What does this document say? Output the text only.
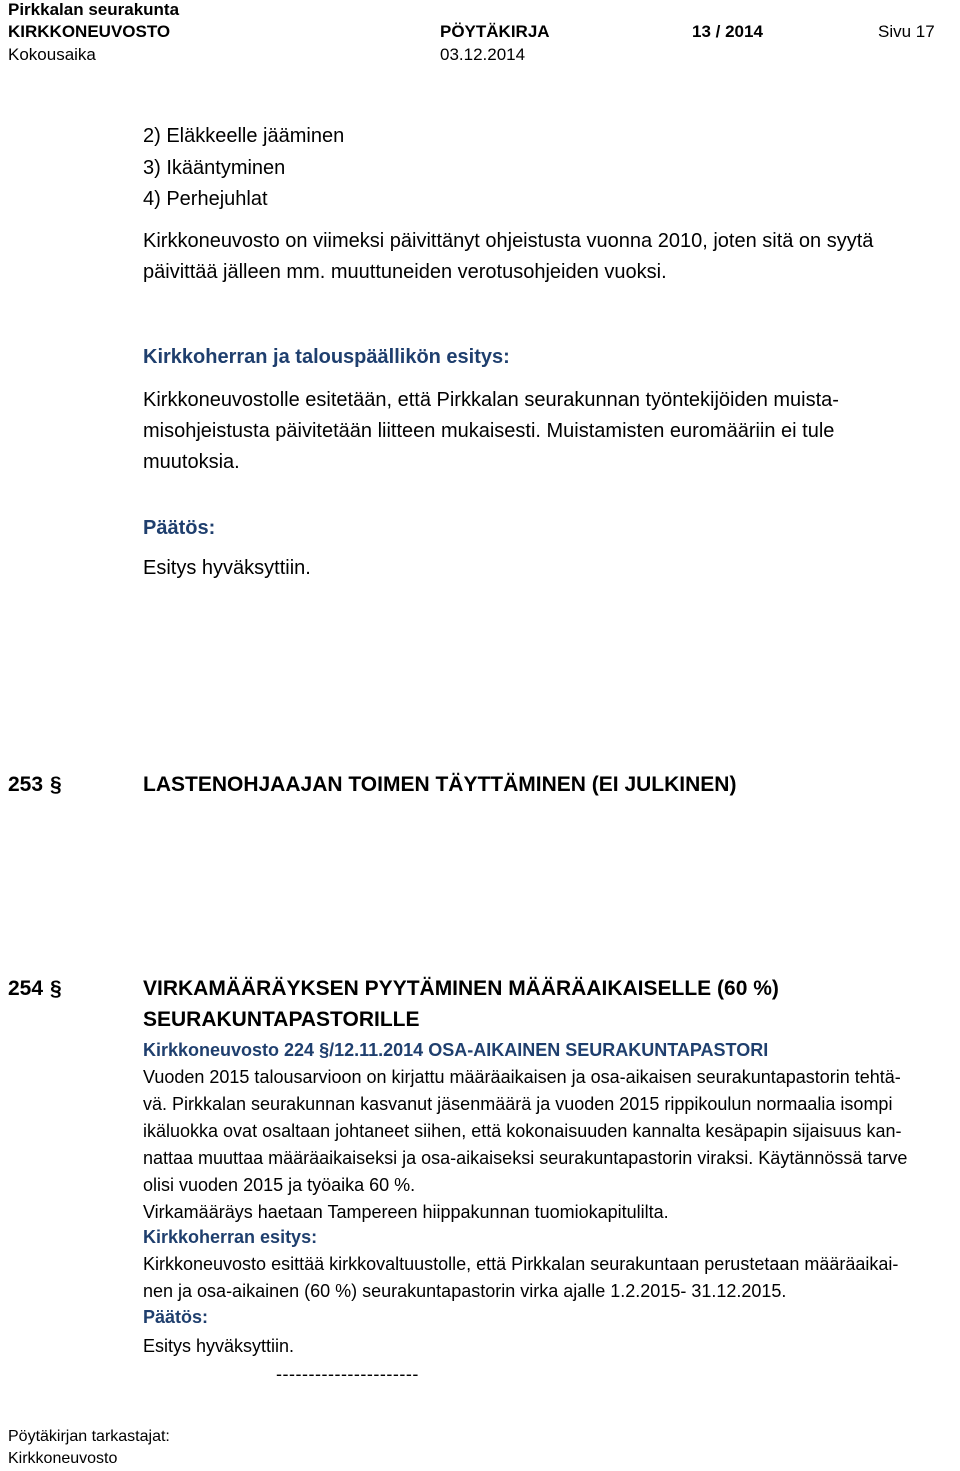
Pirkkalan seurakunta
KIRKKONEUVOSTO	PÖYTÄKIRJA	13 / 2014	Sivu 17
Kokousaika	03.12.2014
2) Eläkkeelle jääminen
3) Ikääntyminen
4) Perhejuhlat
Kirkkoneuvosto on viimeksi päivittänyt ohjeistusta vuonna 2010, joten sitä on syytä
päivittää jälleen mm. muuttuneiden verotusohjeiden vuoksi.
Kirkkoherran ja talouspäällikön esitys:
Kirkkoneuvostolle esitetään, että Pirkkalan seurakunnan työntekijöiden muista-
misohjeistusta päivitetään liitteen mukaisesti. Muistamisten euromääriin ei tule
muutoksia.
Päätös:
Esitys hyväksyttiin.
253 §	LASTENOHJAAJAN TOIMEN TÄYTTÄMINEN (EI JULKINEN)
254 §	VIRKAMÄÄRÄYKSEN PYYTÄMINEN MÄÄRÄAIKAISELLE (60 %)
SEURAKUNTAPASTORILLE
Kirkkoneuvosto 224 §/12.11.2014 OSA-AIKAINEN SEURAKUNTAPASTORI
Vuoden 2015 talousarvioon on kirjattu määräaikaisen ja osa-aikaisen seurakuntapastorin tehtä-
vä. Pirkkalan seurakunnan kasvanut jäsenmäärä ja vuoden 2015 rippikoulun normaalia isompi
ikäluokka ovat osaltaan johtaneet siihen, että kokonaisuuden kannalta kesäpapin sijaisuus kan-
nattaa muuttaa määräaikaiseksi ja osa-aikaiseksi seurakuntapastorin viraksi. Käytännössä tarve
olisi vuoden 2015 ja työaika 60 %.
Virkamääräys haetaan Tampereen hiippakunnan tuomiokapitulilta.
Kirkkoherran esitys:
Kirkkoneuvosto esittää kirkkovaltuustolle, että Pirkkalan seurakuntaan perustetaan määräaikai-
nen ja osa-aikainen (60 %) seurakuntapastorin virka ajalle 1.2.2015- 31.12.2015.
Päätös:
Esitys hyväksyttiin.
----------------------
Pöytäkirjan tarkastajat:
Kirkkoneuvosto
